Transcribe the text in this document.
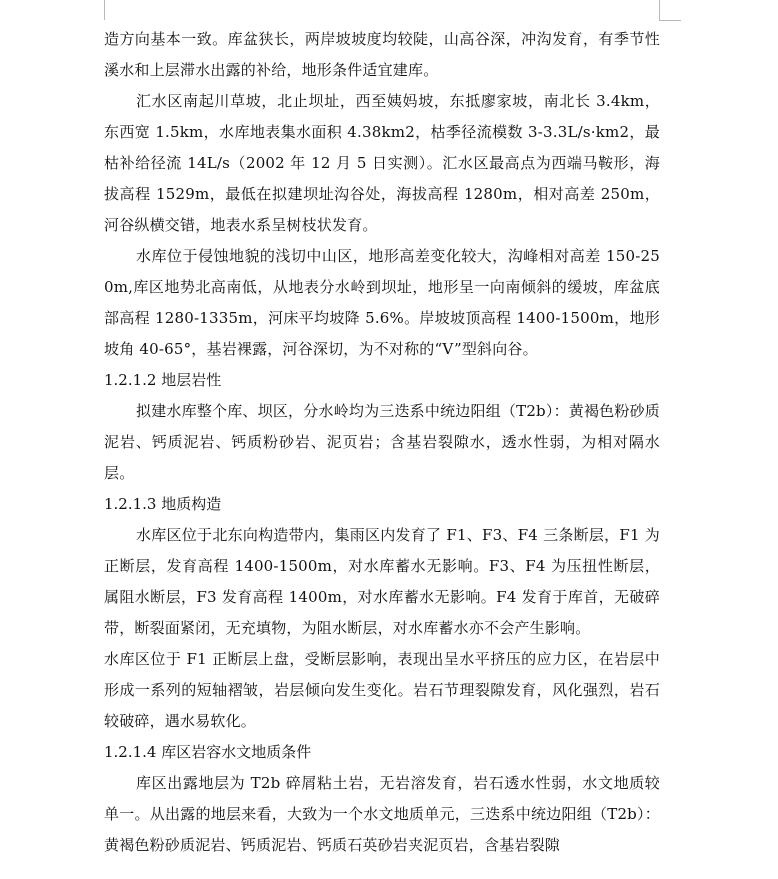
造方向基本一致。库盆狭长，两岸坡坡度均较陡，山高谷深，冲沟发育，有季节性溪水和上层滞水出露的补给，地形条件适宜建库。

汇水区南起川草坡，北止坝址，西至姨妈坡，东抵廖家坡，南北长 3.4km，东西宽 1.5km，水库地表集水面积 4.38km2，枯季径流模数 3-3.3L/s·km2，最枯补给径流 14L/s（2002 年 12 月 5 日实测）。汇水区最高点为西端马鞍形，海拔高程 1529m，最低在拟建坝址沟谷处，海拔高程 1280m，相对高差 250m，河谷纵横交错，地表水系呈树枝状发育。

水库位于侵蚀地貌的浅切中山区，地形高差变化较大，沟峰相对高差 150-250m,库区地势北高南低，从地表分水岭到坝址，地形呈一向南倾斜的缓坡，库盆底部高程 1280-1335m，河床平均坡降 5.6%。岸坡坡顶高程 1400-1500m，地形坡角 40-65°，基岩裸露，河谷深切，为不对称的“V”型斜向谷。

1.2.1.2 地层岩性

拟建水库整个库、坝区，分水岭均为三迭系中统边阳组（T2b）：黄褐色粉砂质泥岩、钙质泥岩、钙质粉砂岩、泥页岩；含基岩裂隙水，透水性弱，为相对隔水层。

1.2.1.3 地质构造

水库区位于北东向构造带内，集雨区内发育了 F1、F3、F4 三条断层，F1 为正断层，发育高程 1400-1500m，对水库蓄水无影响。F3、F4 为压扭性断层，属阻水断层，F3 发育高程 1400m，对水库蓄水无影响。F4 发育于库首，无破碎带，断裂面紧闭，无充填物，为阻水断层，对水库蓄水亦不会产生影响。

水库区位于 F1 正断层上盘，受断层影响，表现出呈水平挤压的应力区，在岩层中形成一系列的短轴褶皱，岩层倾向发生变化。岩石节理裂隙发育，风化强烈，岩石较破碎，遇水易软化。

1.2.1.4 库区岩容水文地质条件

库区出露地层为 T2b 碎屑粘土岩，无岩溶发育，岩石透水性弱，水文地质较单一。从出露的地层来看，大致为一个水文地质单元，三迭系中统边阳组（T2b）：黄褐色粉砂质泥岩、钙质泥岩、钙质石英砂岩夹泥页岩，含基岩裂隙
